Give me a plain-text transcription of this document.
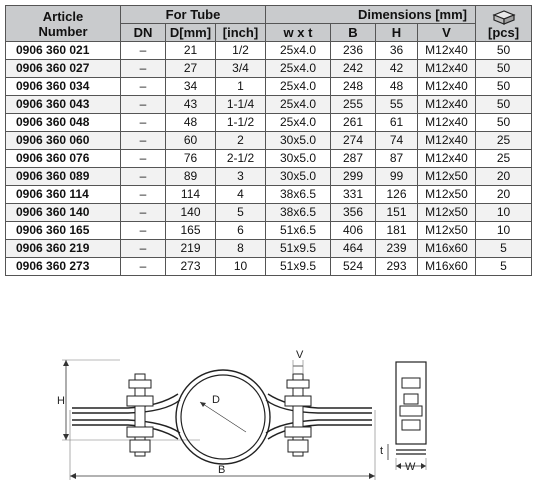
Article
Number	For Tube			Dimensions [mm]				[pcs]
	DN	D[mm]	[inch]	w x t	B	H	V	
0906 360 021	–	21	1/2	25x4.0	236	36	M12x40	50
0906 360 027	–	27	3/4	25x4.0	242	42	M12x40	50
0906 360 034	–	34	1	25x4.0	248	48	M12x40	50
0906 360 043	–	43	1-1/4	25x4.0	255	55	M12x40	50
0906 360 048	–	48	1-1/2	25x4.0	261	61	M12x40	50
0906 360 060	–	60	2	30x5.0	274	74	M12x40	25
0906 360 076	–	76	2-1/2	30x5.0	287	87	M12x40	25
0906 360 089	–	89	3	30x5.0	299	99	M12x50	20
0906 360 114	–	114	4	38x6.5	331	126	M12x50	20
0906 360 140	–	140	5	38x6.5	356	151	M12x50	10
0906 360 165	–	165	6	51x6.5	406	181	M12x50	10
0906 360 219	–	219	8	51x9.5	464	239	M16x60	5
0906 360 273	–	273	10	51x9.5	524	293	M16x60	5
H
B
D
V
t
W
